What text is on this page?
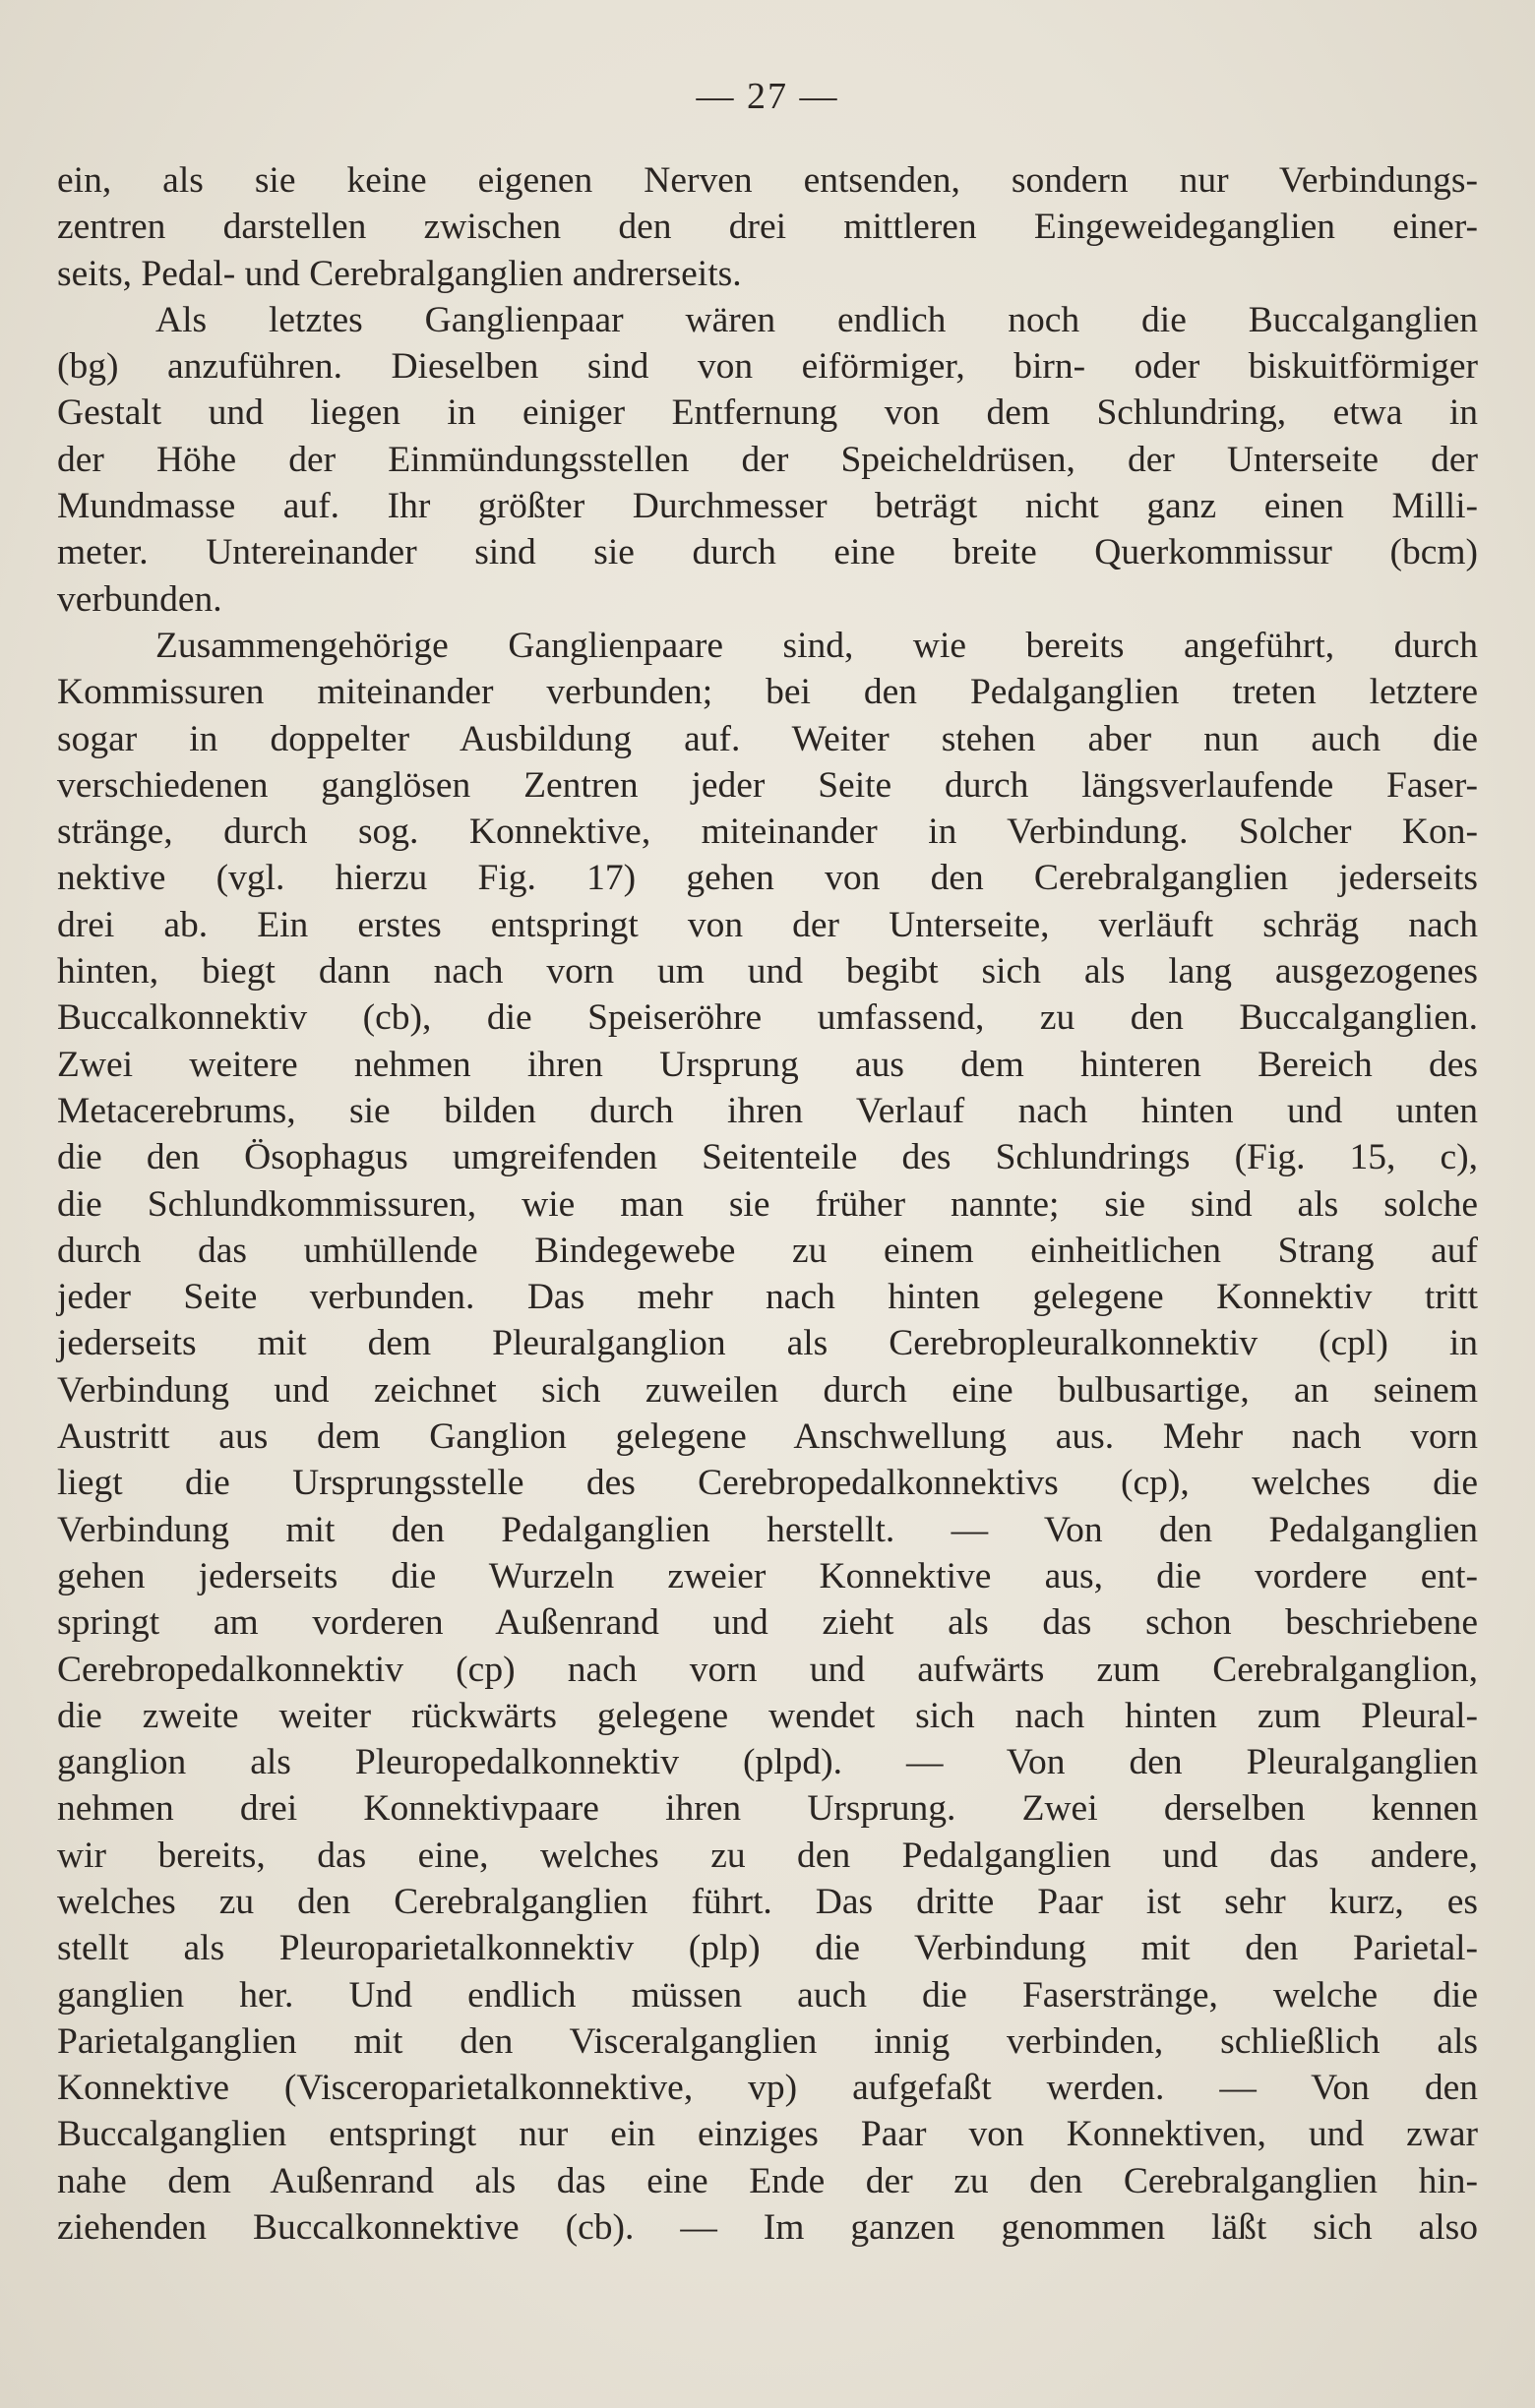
— 27 —
ein, als sie keine eigenen Nerven entsenden, sondern nur Verbindungs-
zentren darstellen zwischen den drei mittleren Eingeweideganglien einer-
seits, Pedal- und Cerebralganglien andrerseits.
Als letztes Ganglienpaar wären endlich noch die Buccalganglien
(bg) anzuführen. Dieselben sind von eiförmiger, birn- oder biskuitförmiger
Gestalt und liegen in einiger Entfernung von dem Schlundring, etwa in
der Höhe der Einmündungsstellen der Speicheldrüsen, der Unterseite der
Mundmasse auf. Ihr größter Durchmesser beträgt nicht ganz einen Milli-
meter. Untereinander sind sie durch eine breite Querkommissur (bcm)
verbunden.
Zusammengehörige Ganglienpaare sind, wie bereits angeführt, durch
Kommissuren miteinander verbunden; bei den Pedalganglien treten letztere
sogar in doppelter Ausbildung auf. Weiter stehen aber nun auch die
verschiedenen ganglösen Zentren jeder Seite durch längsverlaufende Faser-
stränge, durch sog. Konnektive, miteinander in Verbindung. Solcher Kon-
nektive (vgl. hierzu Fig. 17) gehen von den Cerebralganglien jederseits
drei ab. Ein erstes entspringt von der Unterseite, verläuft schräg nach
hinten, biegt dann nach vorn um und begibt sich als lang ausgezogenes
Buccalkonnektiv (cb), die Speiseröhre umfassend, zu den Buccalganglien.
Zwei weitere nehmen ihren Ursprung aus dem hinteren Bereich des
Metacerebrums, sie bilden durch ihren Verlauf nach hinten und unten
die den Ösophagus umgreifenden Seitenteile des Schlundrings (Fig. 15, c),
die Schlundkommissuren, wie man sie früher nannte; sie sind als solche
durch das umhüllende Bindegewebe zu einem einheitlichen Strang auf
jeder Seite verbunden. Das mehr nach hinten gelegene Konnektiv tritt
jederseits mit dem Pleuralganglion als Cerebropleuralkonnektiv (cpl) in
Verbindung und zeichnet sich zuweilen durch eine bulbusartige, an seinem
Austritt aus dem Ganglion gelegene Anschwellung aus. Mehr nach vorn
liegt die Ursprungsstelle des Cerebropedalkonnektivs (cp), welches die
Verbindung mit den Pedalganglien herstellt. — Von den Pedalganglien
gehen jederseits die Wurzeln zweier Konnektive aus, die vordere ent-
springt am vorderen Außenrand und zieht als das schon beschriebene
Cerebropedalkonnektiv (cp) nach vorn und aufwärts zum Cerebralganglion,
die zweite weiter rückwärts gelegene wendet sich nach hinten zum Pleural-
ganglion als Pleuropedalkonnektiv (plpd). — Von den Pleuralganglien
nehmen drei Konnektivpaare ihren Ursprung. Zwei derselben kennen
wir bereits, das eine, welches zu den Pedalganglien und das andere,
welches zu den Cerebralganglien führt. Das dritte Paar ist sehr kurz, es
stellt als Pleuroparietalkonnektiv (plp) die Verbindung mit den Parietal-
ganglien her. Und endlich müssen auch die Faserstränge, welche die
Parietalganglien mit den Visceralganglien innig verbinden, schließlich als
Konnektive (Visceroparietalkonnektive, vp) aufgefaßt werden. — Von den
Buccalganglien entspringt nur ein einziges Paar von Konnektiven, und zwar
nahe dem Außenrand als das eine Ende der zu den Cerebralganglien hin-
ziehenden Buccalkonnektive (cb). — Im ganzen genommen läßt sich also
